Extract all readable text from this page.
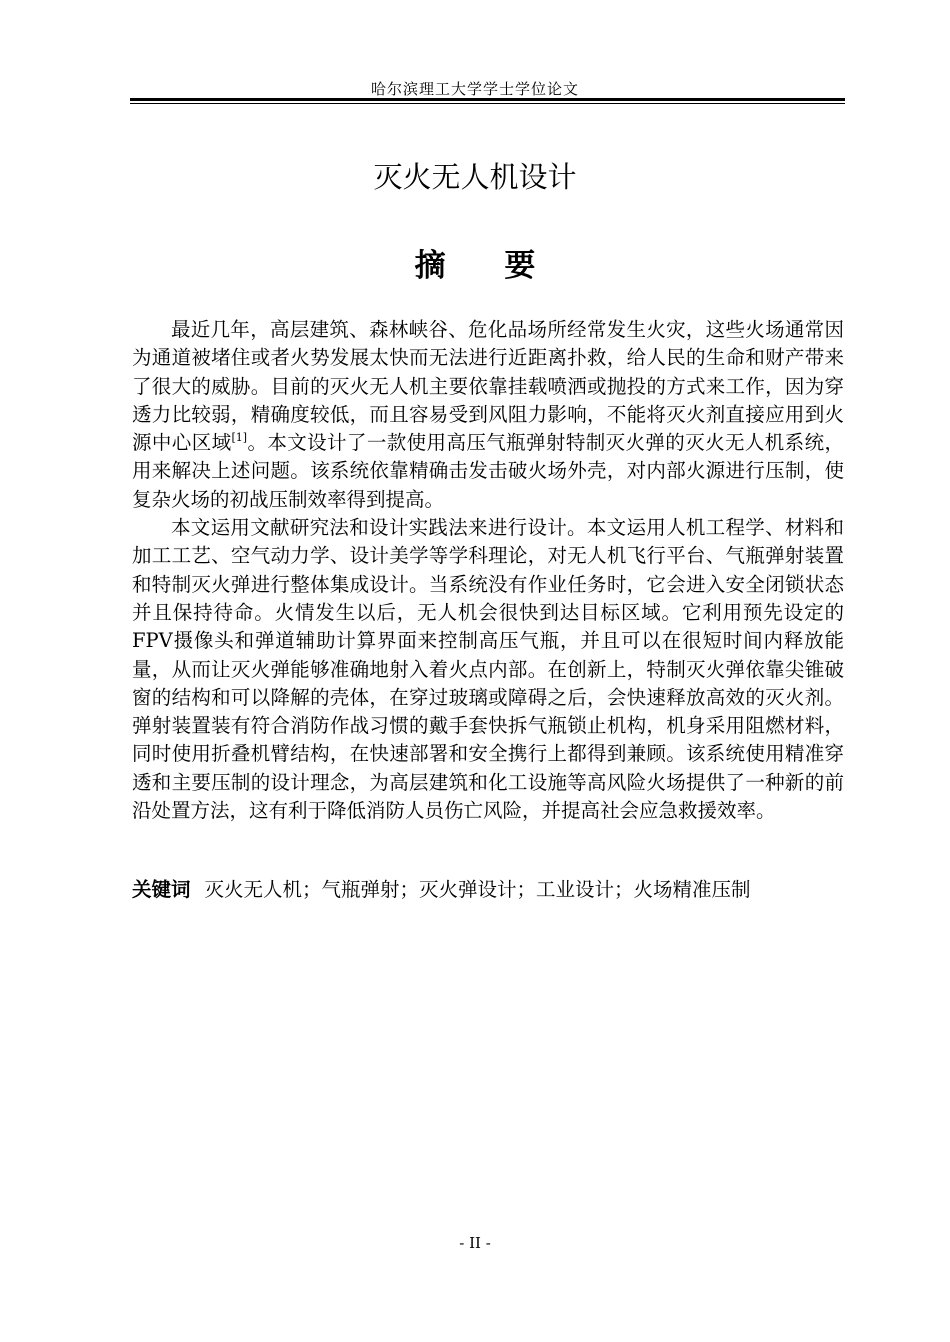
哈尔滨理工大学学士学位论文
灭火无人机设计
摘 要

最近几年，高层建筑、森林峡谷、危化品场所经常发生火灾，这些火场通常因为通道被堵住或者火势发展太快而无法进行近距离扑救，给人民的生命和财产带来了很大的威胁。目前的灭火无人机主要依靠挂载喷洒或抛投的方式来工作，因为穿透力比较弱，精确度较低，而且容易受到风阻力影响，不能将灭火剂直接应用到火源中心区域[1]。本文设计了一款使用高压气瓶弹射特制灭火弹的灭火无人机系统，用来解决上述问题。该系统依靠精确击发击破火场外壳，对内部火源进行压制，使复杂火场的初战压制效率得到提高。

本文运用文献研究法和设计实践法来进行设计。本文运用人机工程学、材料和加工工艺、空气动力学、设计美学等学科理论，对无人机飞行平台、气瓶弹射装置和特制灭火弹进行整体集成设计。当系统没有作业任务时，它会进入安全闭锁状态并且保持待命。火情发生以后，无人机会很快到达目标区域。它利用预先设定的FPV摄像头和弹道辅助计算界面来控制高压气瓶，并且可以在很短时间内释放能量，从而让灭火弹能够准确地射入着火点内部。在创新上，特制灭火弹依靠尖锥破窗的结构和可以降解的壳体，在穿过玻璃或障碍之后，会快速释放高效的灭火剂。弹射装置装有符合消防作战习惯的戴手套快拆气瓶锁止机构，机身采用阻燃材料，同时使用折叠机臂结构，在快速部署和安全携行上都得到兼顾。该系统使用精准穿透和主要压制的设计理念，为高层建筑和化工设施等高风险火场提供了一种新的前沿处置方法，这有利于降低消防人员伤亡风险，并提高社会应急救援效率。

关键词 灭火无人机；气瓶弹射；灭火弹设计；工业设计；火场精准压制
- II -
